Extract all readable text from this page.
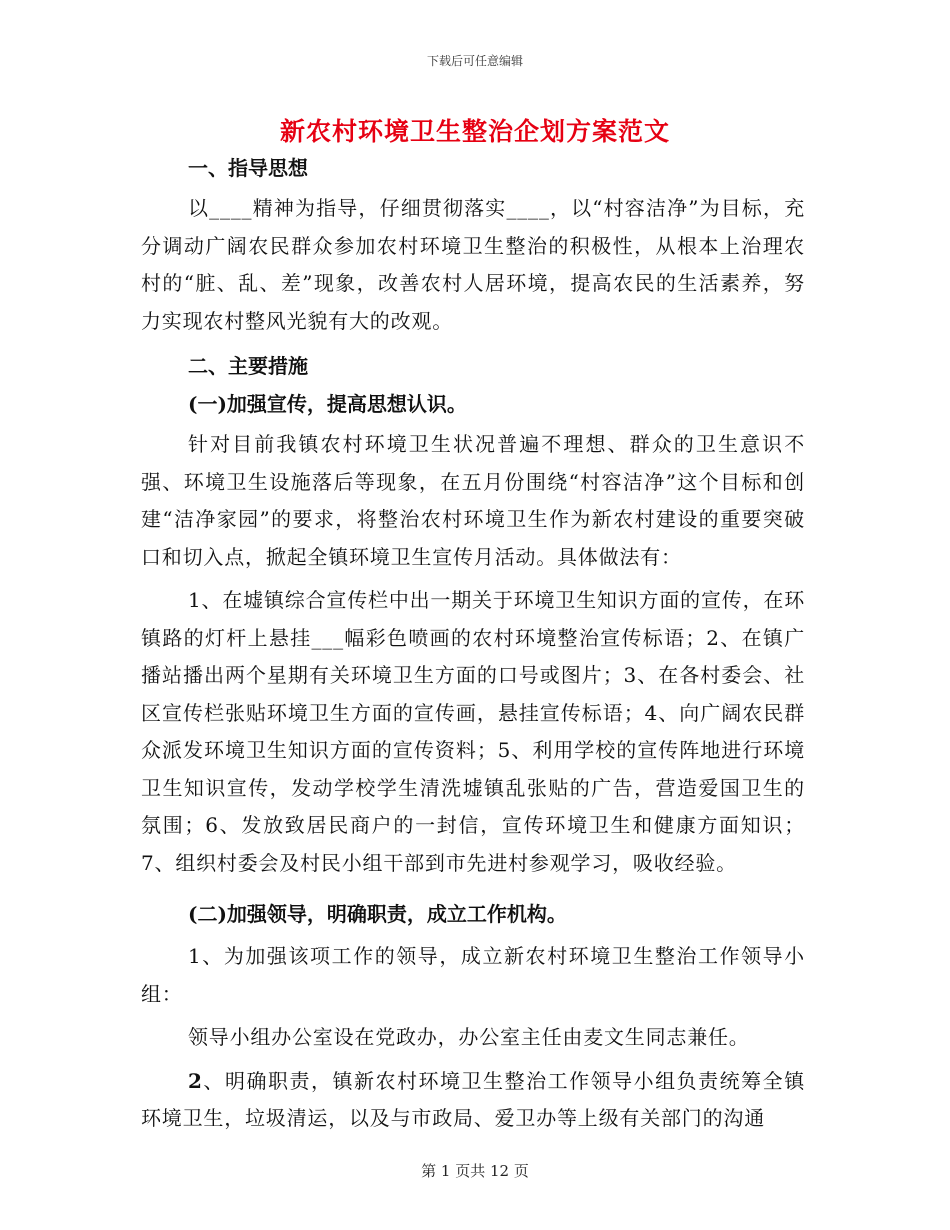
下载后可任意编辑
新农村环境卫生整治企划方案范文
一、指导思想

以____精神为指导，仔细贯彻落实____，以“村容洁净”为目标，充分调动广阔农民群众参加农村环境卫生整治的积极性，从根本上治理农村的“脏、乱、差”现象，改善农村人居环境，提高农民的生活素养，努力实现农村整风光貌有大的改观。

二、主要措施
(一)加强宣传，提高思想认识。

针对目前我镇农村环境卫生状况普遍不理想、群众的卫生意识不强、环境卫生设施落后等现象，在五月份围绕“村容洁净”这个目标和创建“洁净家园”的要求，将整治农村环境卫生作为新农村建设的重要突破口和切入点，掀起全镇环境卫生宣传月活动。具体做法有：

1、在墟镇综合宣传栏中出一期关于环境卫生知识方面的宣传，在环镇路的灯杆上悬挂___幅彩色喷画的农村环境整治宣传标语；2、在镇广播站播出两个星期有关环境卫生方面的口号或图片；3、在各村委会、社区宣传栏张贴环境卫生方面的宣传画，悬挂宣传标语；4、向广阔农民群众派发环境卫生知识方面的宣传资料；5、利用学校的宣传阵地进行环境卫生知识宣传，发动学校学生清洗墟镇乱张贴的广告，营造爱国卫生的氛围；6、发放致居民商户的一封信，宣传环境卫生和健康方面知识；7、组织村委会及村民小组干部到市先进村参观学习，吸收经验。

(二)加强领导，明确职责，成立工作机构。

1、为加强该项工作的领导，成立新农村环境卫生整治工作领导小组：

领导小组办公室设在党政办，办公室主任由麦文生同志兼任。

2、明确职责，镇新农村环境卫生整治工作领导小组负责统筹全镇环境卫生，垃圾清运，以及与市政局、爱卫办等上级有关部门的沟通

第 1 页共 12 页
